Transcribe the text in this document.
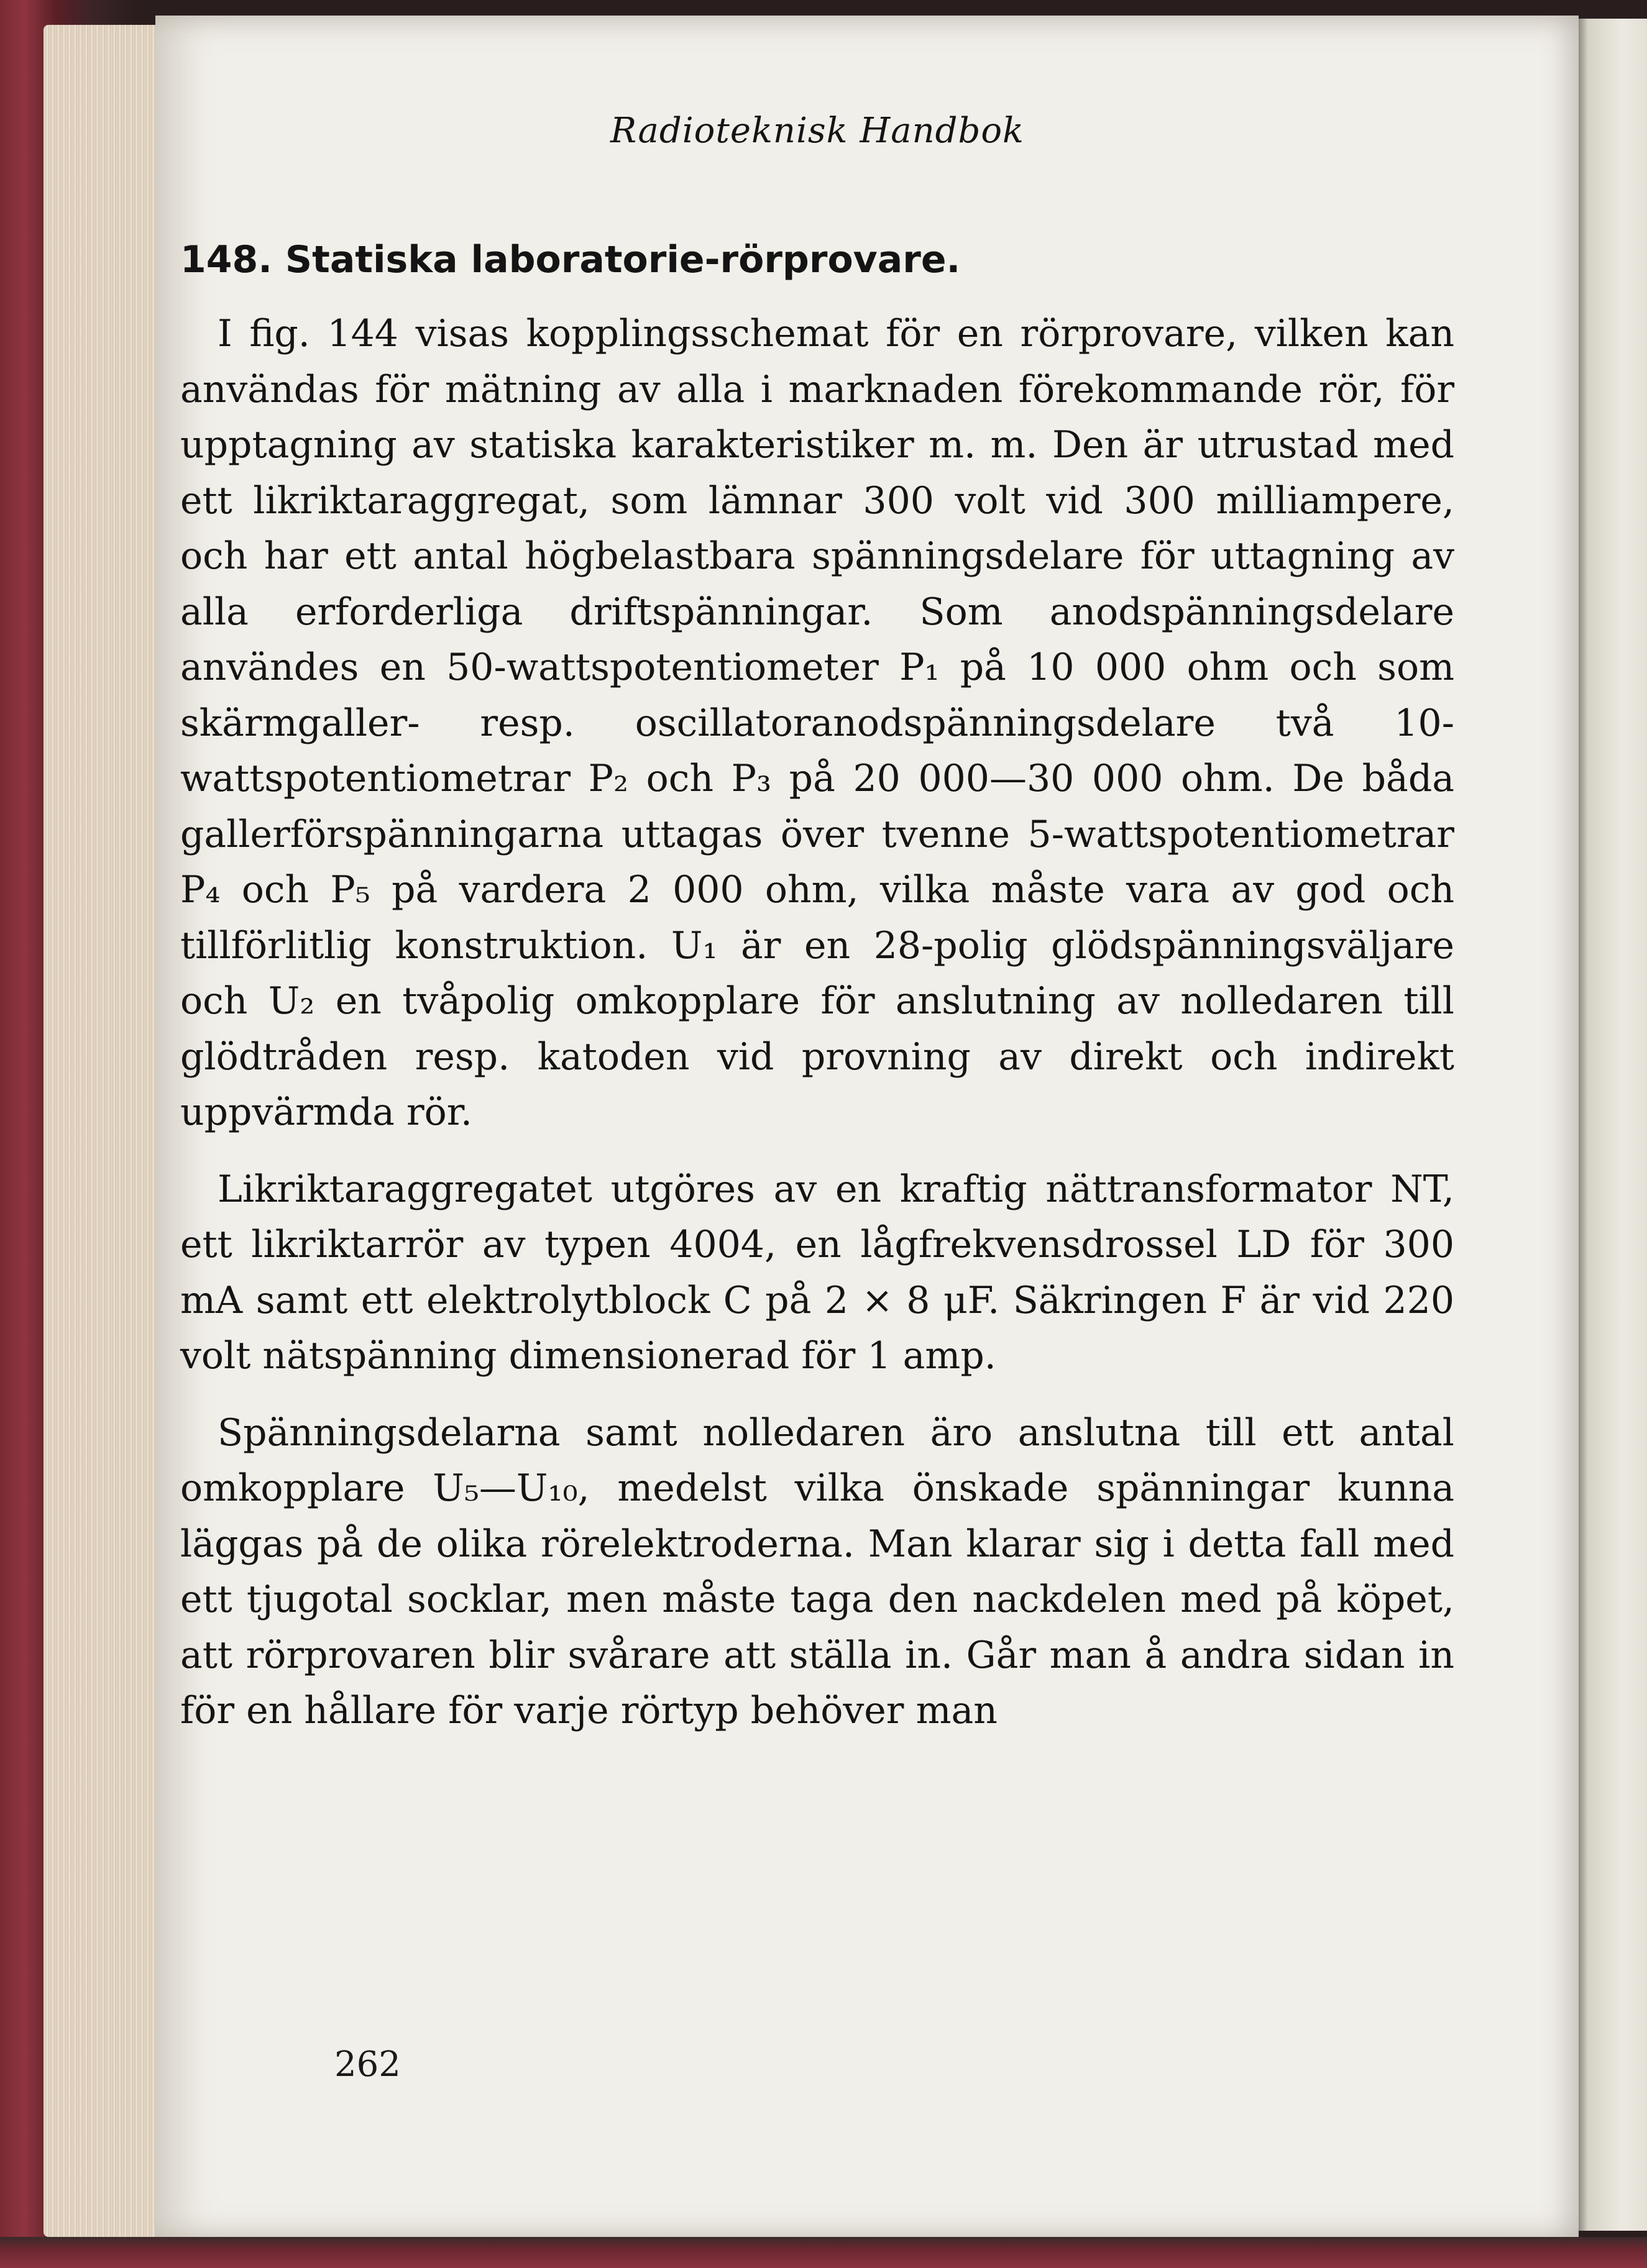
Radioteknisk Handbok

148. Statiska laboratorie-rörprovare.

I fig. 144 visas kopplingsschemat för en rörprovare, vilken kan användas för mätning av alla i marknaden förekommande rör, för upptagning av statiska karakteristiker m. m. Den är utrustad med ett likriktaraggregat, som lämnar 300 volt vid 300 milliampere, och har ett antal högbelastbara spänningsdelare för uttagning av alla erforderliga driftspänningar. Som anodspänningsdelare användes en 50-wattspotentiometer P₁ på 10 000 ohm och som skärmgaller- resp. oscillatoranodspänningsdelare två 10-wattspotentiometrar P₂ och P₃ på 20 000—30 000 ohm. De båda gallerförspänningarna uttagas över tvenne 5-wattspotentiometrar P₄ och P₅ på vardera 2 000 ohm, vilka måste vara av god och tillförlitlig konstruktion. U₁ är en 28-polig glödspänningsväljare och U₂ en tvåpolig omkopplare för anslutning av nolledaren till glödtråden resp. katoden vid provning av direkt och indirekt uppvärmda rör.

Likriktaraggregatet utgöres av en kraftig nättransformator NT, ett likriktarrör av typen 4004, en lågfrekvensdrossel LD för 300 mA samt ett elektrolytblock C på 2 × 8 μF. Säkringen F är vid 220 volt nätspänning dimensionerad för 1 amp.

Spänningsdelarna samt nolledaren äro anslutna till ett antal omkopplare U₅—U₁₀, medelst vilka önskade spänningar kunna läggas på de olika rörelektroderna. Man klarar sig i detta fall med ett tjugotal socklar, men måste taga den nackdelen med på köpet, att rörprovaren blir svårare att ställa in. Går man å andra sidan in för en hållare för varje rörtyp behöver man

262
